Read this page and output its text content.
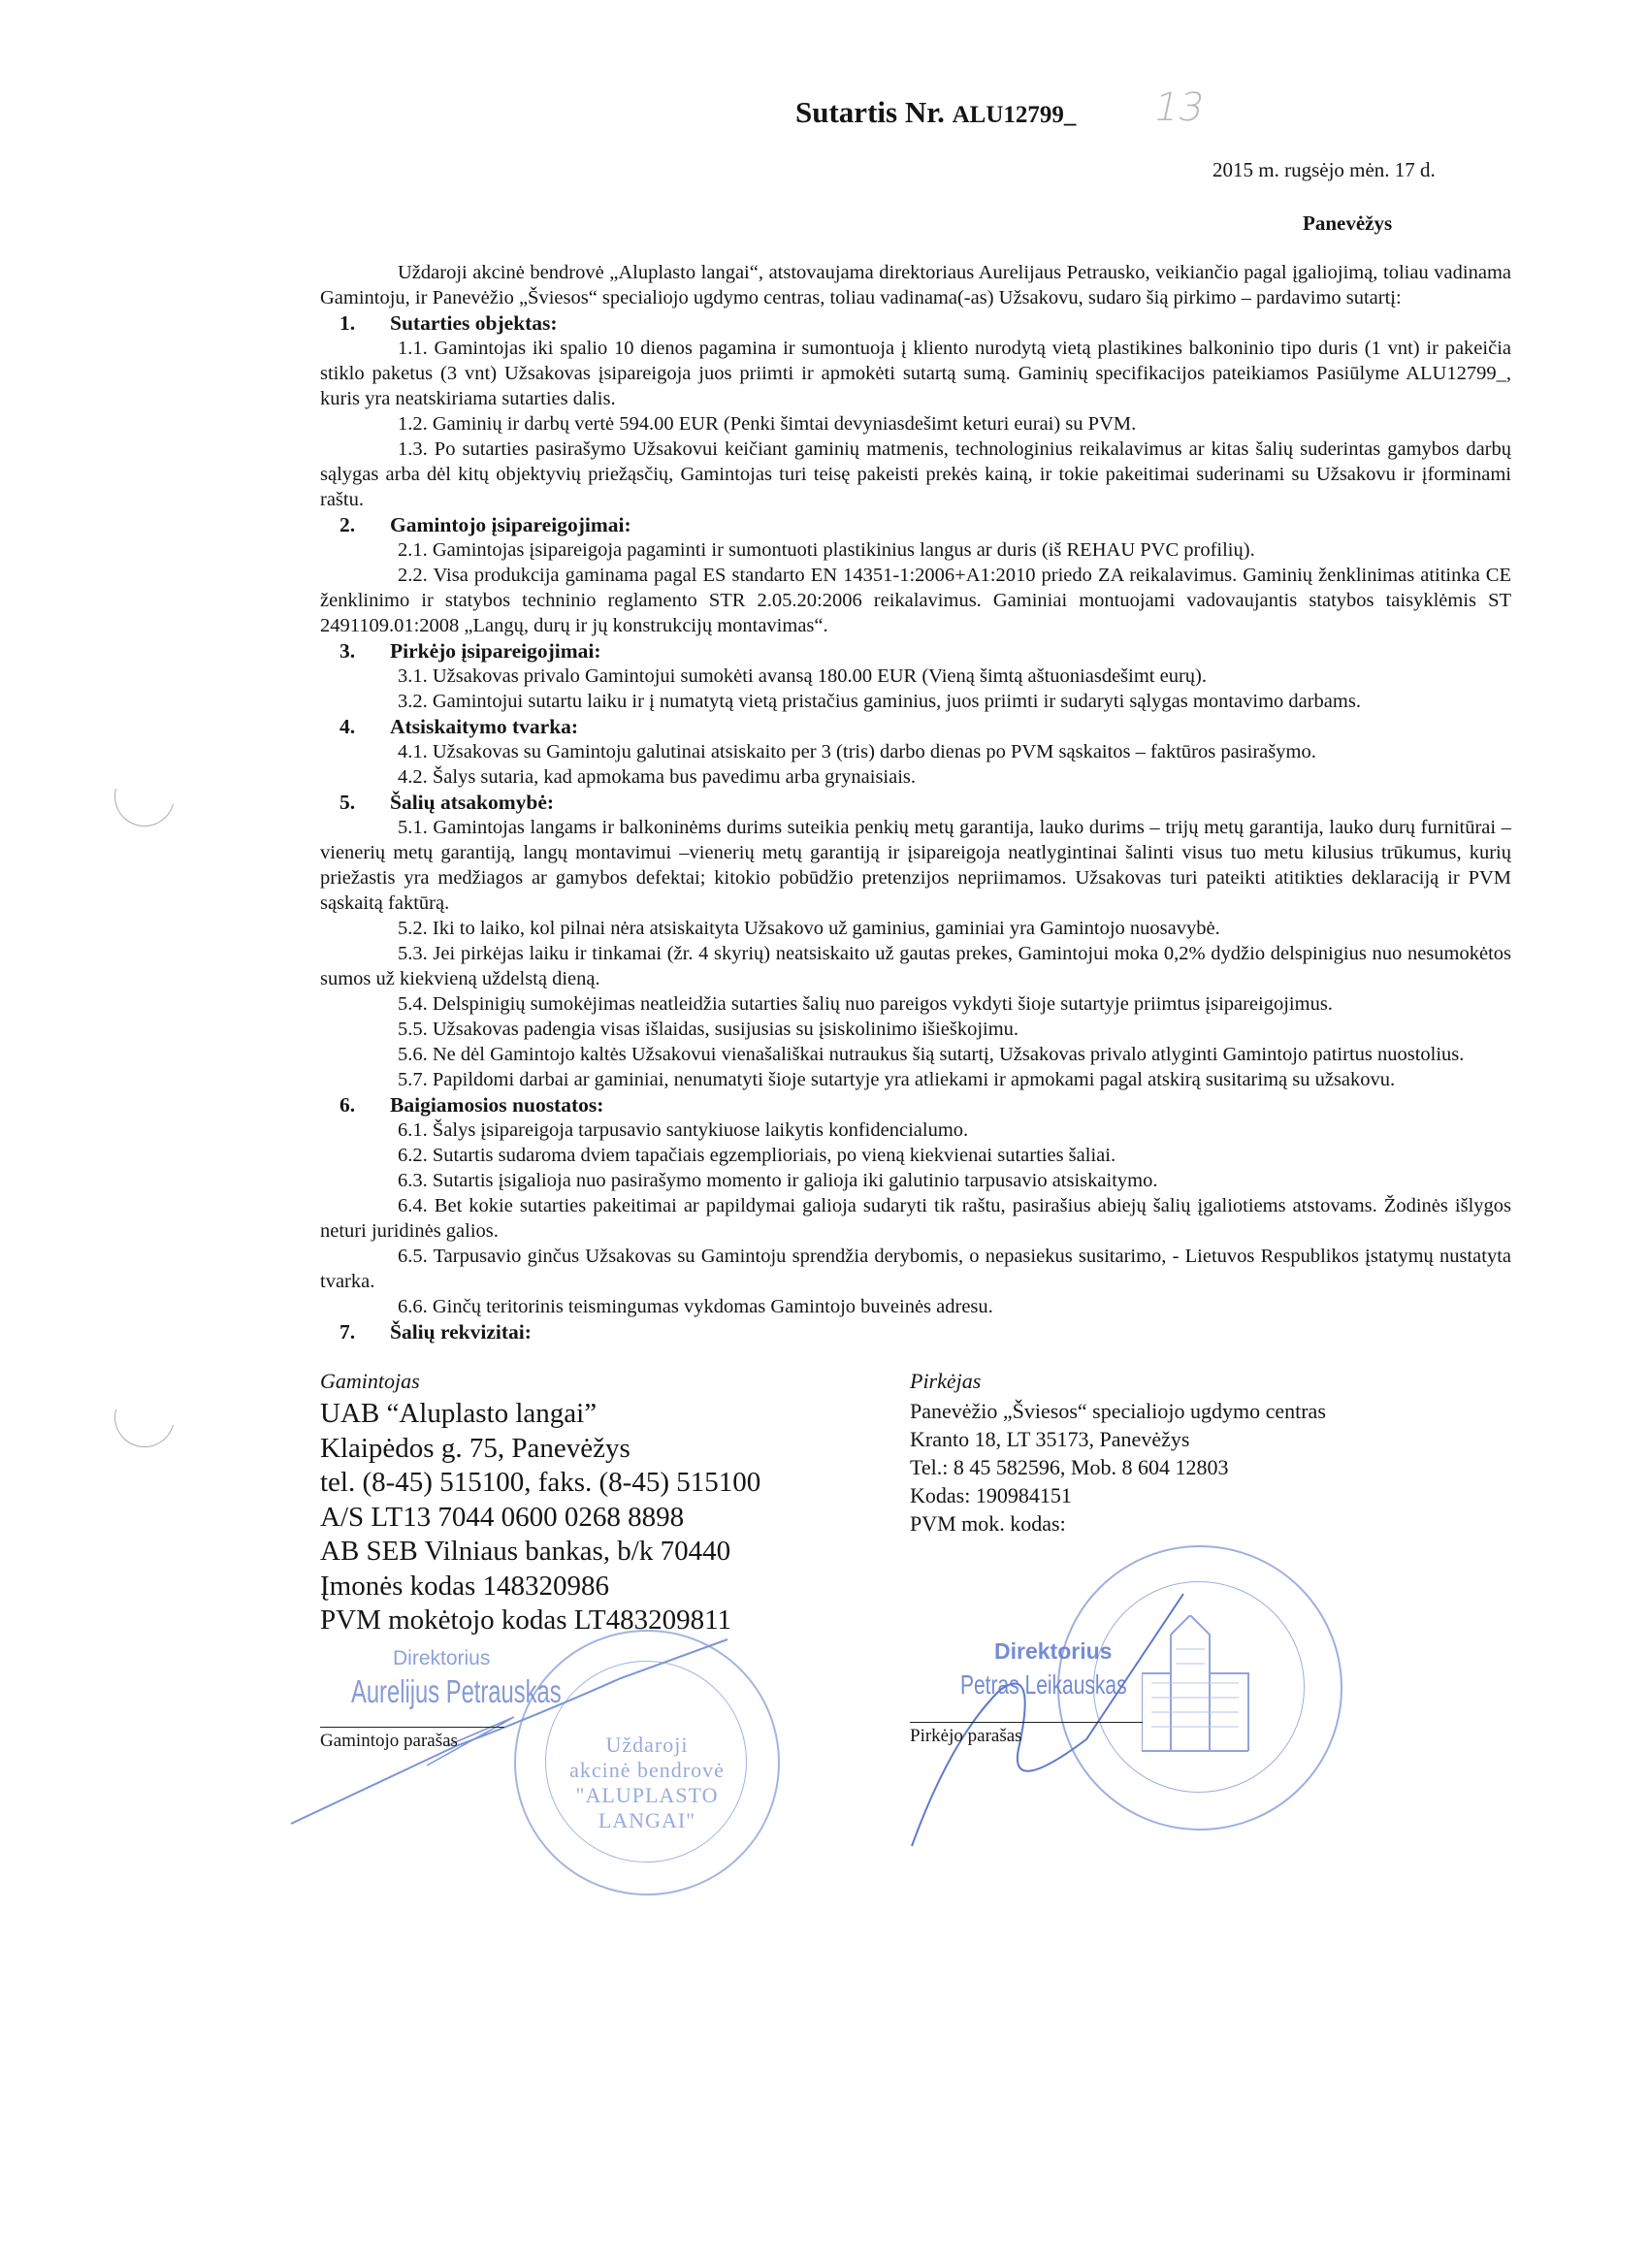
Sutartis Nr. ALU12799_ 13
2015 m. rugsėjo mėn. 17 d.
Panevėžys

Uždaroji akcinė bendrovė „Aluplasto langai“, atstovaujama direktoriaus Aurelijaus Petrausko, veikiančio pagal įgaliojimą, toliau vadinama Gamintoju, ir Panevėžio „Šviesos“ specialiojo ugdymo centras, toliau vadinama(-as) Užsakovu, sudaro šią pirkimo – pardavimo sutartį:

1.	Sutarties objektas:

1.1. Gamintojas iki spalio 10 dienos pagamina ir sumontuoja į kliento nurodytą vietą plastikines balkoninio tipo duris (1 vnt) ir pakeičia stiklo paketus (3 vnt) Užsakovas įsipareigoja juos priimti ir apmokėti sutartą sumą. Gaminių specifikacijos pateikiamos Pasiūlyme ALU12799_, kuris yra neatskiriama sutarties dalis.

1.2. Gaminių ir darbų vertė 594.00 EUR (Penki šimtai devyniasdešimt keturi eurai) su PVM.

1.3. Po sutarties pasirašymo Užsakovui keičiant gaminių matmenis, technologinius reikalavimus ar kitas šalių suderintas gamybos darbų sąlygas arba dėl kitų objektyvių priežąsčių, Gamintojas turi teisę pakeisti prekės kainą, ir tokie pakeitimai suderinami su Užsakovu ir įforminami raštu.

2.	Gamintojo įsipareigojimai:

2.1. Gamintojas įsipareigoja pagaminti ir sumontuoti plastikinius langus ar duris (iš REHAU PVC profilių).

2.2. Visa produkcija gaminama pagal ES standarto EN 14351-1:2006+A1:2010 priedo ZA reikalavimus. Gaminių ženklinimas atitinka CE ženklinimo ir statybos techninio reglamento STR 2.05.20:2006 reikalavimus. Gaminiai montuojami vadovaujantis statybos taisyklėmis ST 2491109.01:2008 „Langų, durų ir jų konstrukcijų montavimas“.

3.	Pirkėjo įsipareigojimai:

3.1. Užsakovas privalo Gamintojui sumokėti avansą 180.00 EUR (Vieną šimtą aštuoniasdešimt eurų).

3.2. Gamintojui sutartu laiku ir į numatytą vietą pristačius gaminius, juos priimti ir sudaryti sąlygas montavimo darbams.

4.	Atsiskaitymo tvarka:

4.1. Užsakovas su Gamintoju galutinai atsiskaito per 3 (tris) darbo dienas po PVM sąskaitos – faktūros pasirašymo.

4.2. Šalys sutaria, kad apmokama bus pavedimu arba grynaisiais.

5.	Šalių atsakomybė:

5.1. Gamintojas langams ir balkoninėms durims suteikia penkių metų garantija, lauko durims – trijų metų garantija, lauko durų furnitūrai – vienerių metų garantiją, langų montavimui –vienerių metų garantiją ir įsipareigoja neatlygintinai šalinti visus tuo metu kilusius trūkumus, kurių priežastis yra medžiagos ar gamybos defektai; kitokio pobūdžio pretenzijos nepriimamos. Užsakovas turi pateikti atitikties deklaraciją ir PVM sąskaitą faktūrą.

5.2. Iki to laiko, kol pilnai nėra atsiskaityta Užsakovo už gaminius, gaminiai yra Gamintojo nuosavybė.

5.3. Jei pirkėjas laiku ir tinkamai (žr. 4 skyrių) neatsiskaito už gautas prekes, Gamintojui moka 0,2% dydžio delspinigius nuo nesumokėtos sumos už kiekvieną uždelstą dieną.

5.4. Delspinigių sumokėjimas neatleidžia sutarties šalių nuo pareigos vykdyti šioje sutartyje priimtus įsipareigojimus.

5.5. Užsakovas padengia visas išlaidas, susijusias su įsiskolinimo išieškojimu.

5.6. Ne dėl Gamintojo kaltės Užsakovui vienašališkai nutraukus šią sutartį, Užsakovas privalo atlyginti Gamintojo patirtus nuostolius.

5.7. Papildomi darbai ar gaminiai, nenumatyti šioje sutartyje yra atliekami ir apmokami pagal atskirą susitarimą su užsakovu.

6.	Baigiamosios nuostatos:

6.1. Šalys įsipareigoja tarpusavio santykiuose laikytis konfidencialumo.

6.2. Sutartis sudaroma dviem tapačiais egzemplioriais, po vieną kiekvienai sutarties šaliai.

6.3. Sutartis įsigalioja nuo pasirašymo momento ir galioja iki galutinio tarpusavio atsiskaitymo.

6.4. Bet kokie sutarties pakeitimai ar papildymai galioja sudaryti tik raštu, pasirašius abiejų šalių įgaliotiems atstovams. Žodinės išlygos neturi juridinės galios.

6.5. Tarpusavio ginčus Užsakovas su Gamintoju sprendžia derybomis, o nepasiekus susitarimo, - Lietuvos Respublikos įstatymų nustatyta tvarka.

6.6. Ginčų teritorinis teismingumas vykdomas Gamintojo buveinės adresu.

7.	Šalių rekvizitai:
Gamintojas
UAB “Aluplasto langai”
Klaipėdos g. 75, Panevėžys
tel. (8-45) 515100, faks. (8-45) 515100
A/S LT13 7044 0600 0268 8898
AB SEB Vilniaus bankas, b/k 70440
Įmonės kodas 148320986
PVM mokėtojo kodas LT483209811
Pirkėjas
Panevėžio „Šviesos“ specialiojo ugdymo centras
Kranto 18, LT 35173, Panevėžys
Tel.: 8 45 582596, Mob. 8 604 12803
Kodas: 190984151
PVM mok. kodas:
Uždaroji
akcinė bendrovė
"ALUPLASTO
LANGAI"
Direktorius
Aurelijus Petrauskas
Gamintojo parašas
Direktorius
Petras Leikauskas
Pirkėjo parašas
